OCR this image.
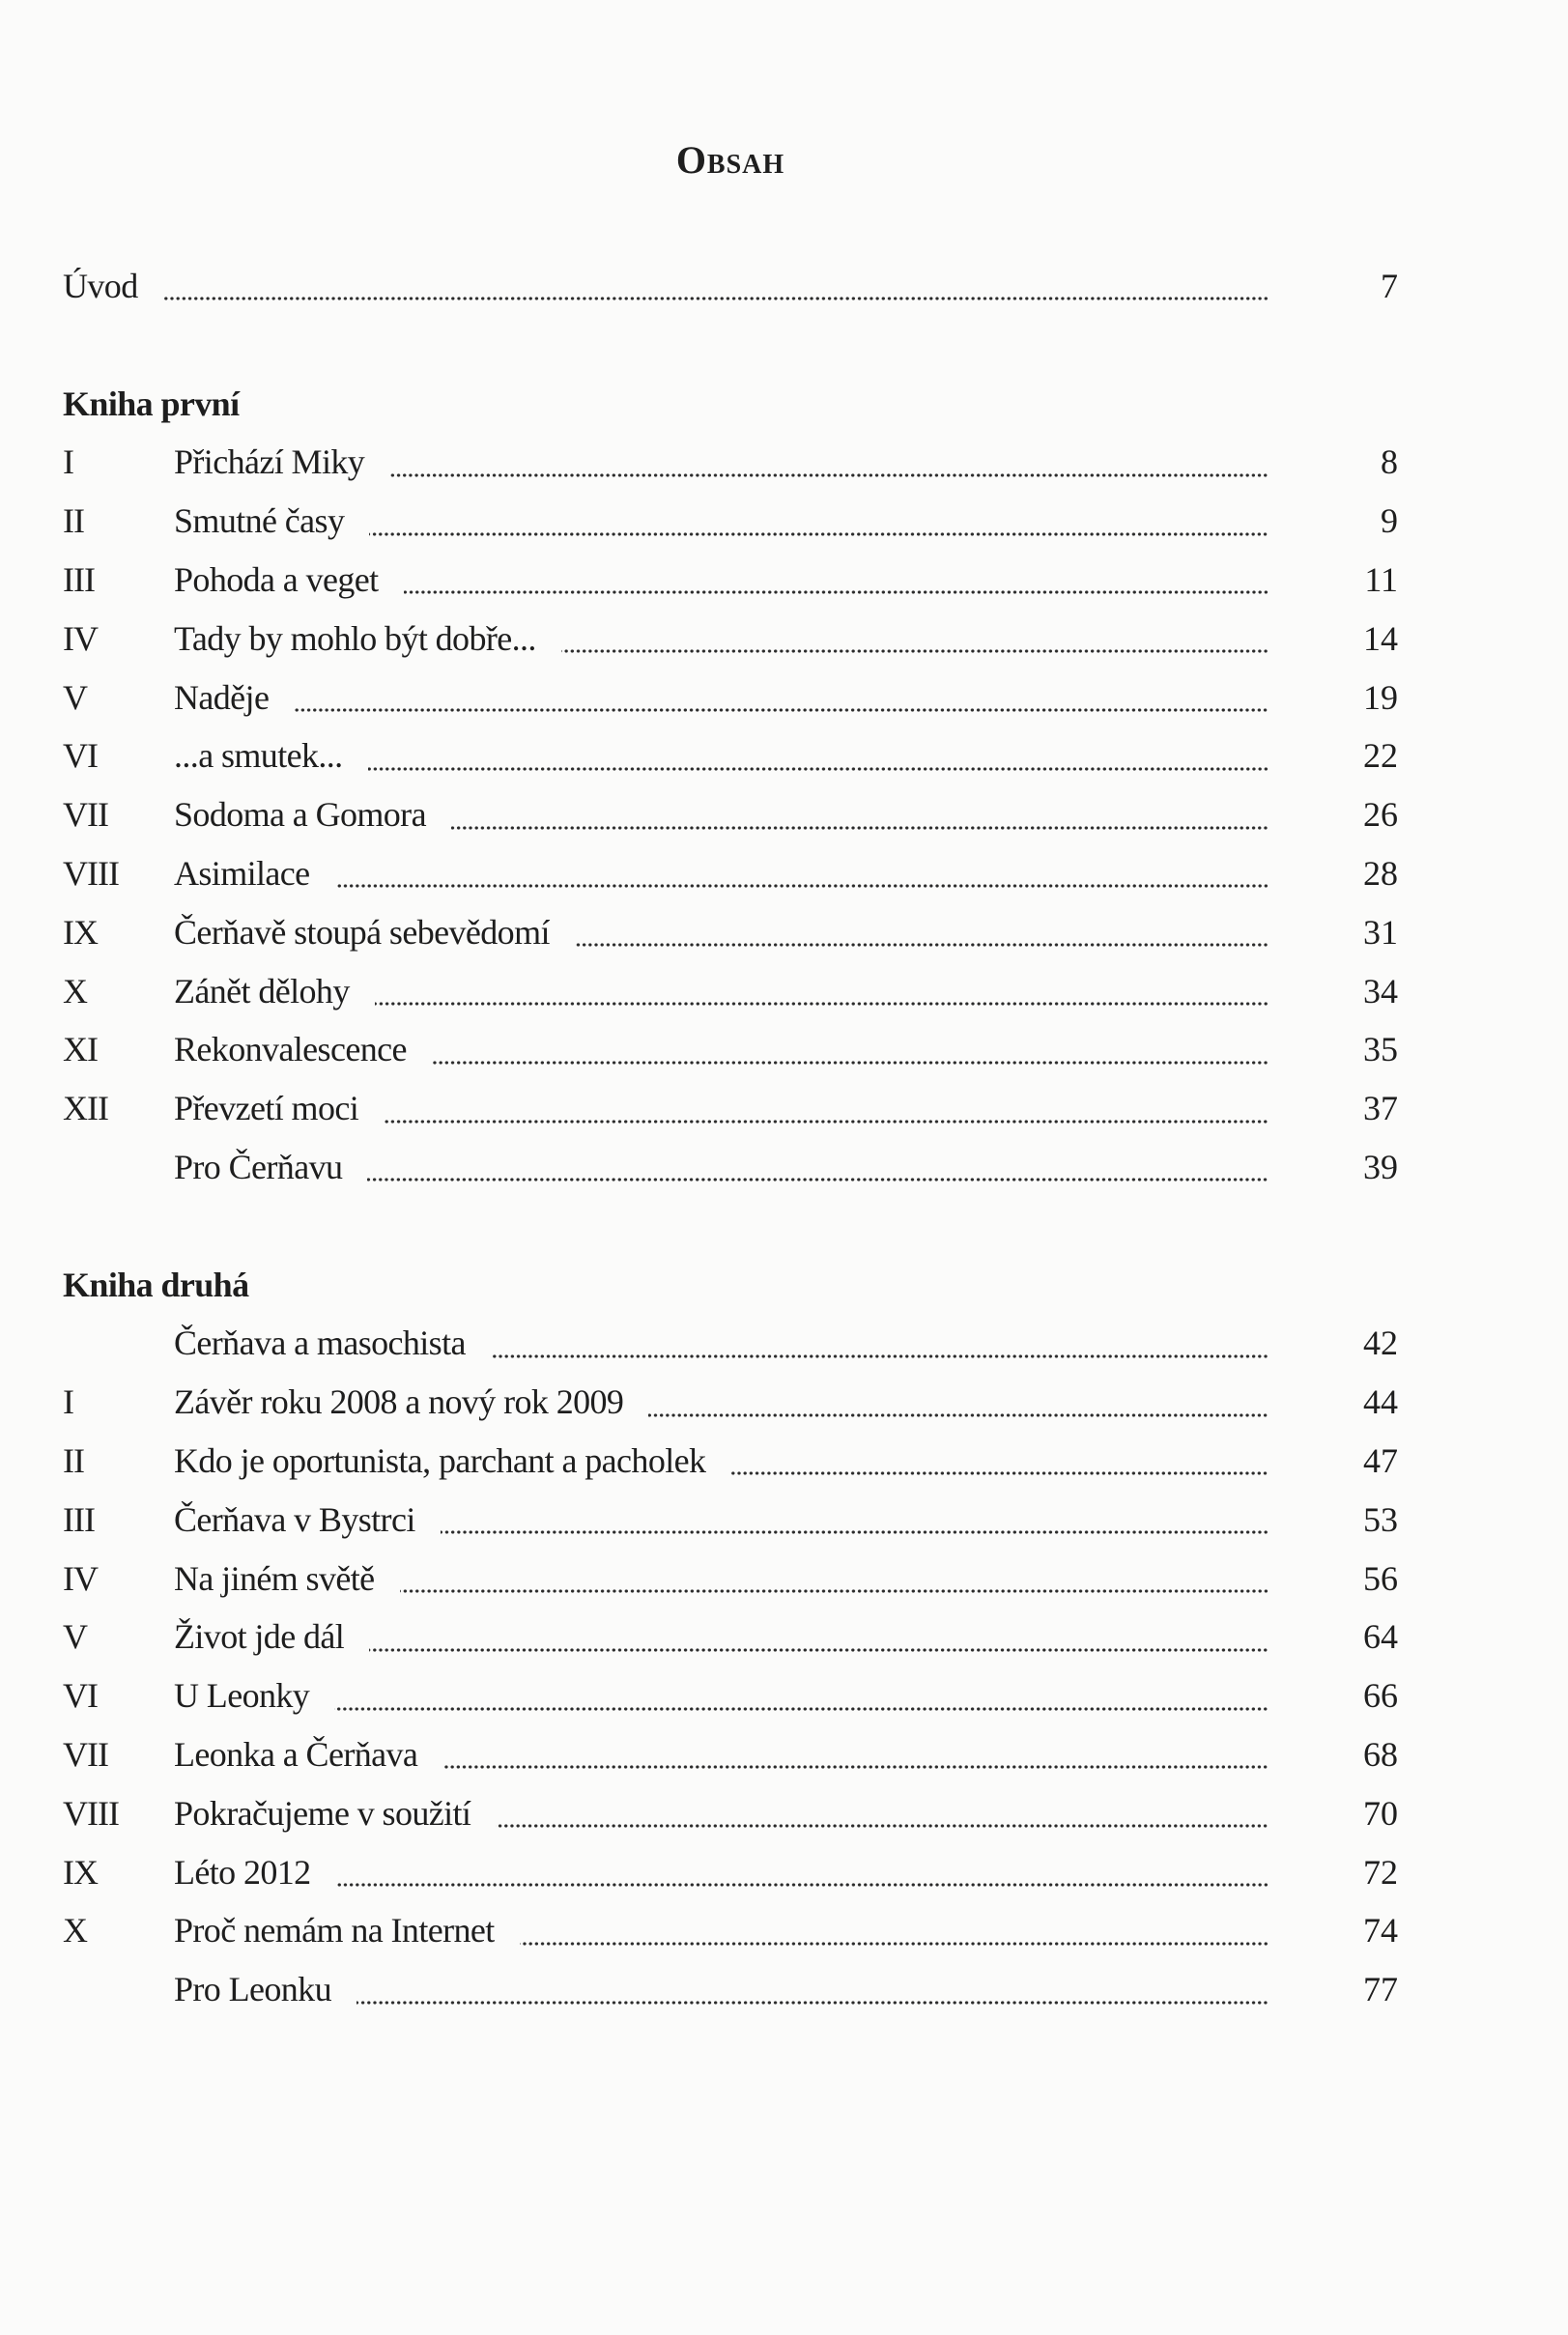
Obsah
Úvod	7
Kniha první
I	Přichází Miky	8
II	Smutné časy	9
III	Pohoda a veget	11
IV	Tady by mohlo být dobře...	14
V	Naděje	19
VI	...a smutek...	22
VII	Sodoma a Gomora	26
VIII	Asimilace	28
IX	Čerňavě stoupá sebevědomí	31
X	Zánět dělohy	34
XI	Rekonvalescence	35
XII	Převzetí moci	37
Pro Čerňavu	39
Kniha druhá
Čerňava a masochista	42
I	Závěr roku 2008 a nový rok 2009	44
II	Kdo je oportunista, parchant a pacholek	47
III	Čerňava v Bystrci	53
IV	Na jiném světě	56
V	Život jde dál	64
VI	U Leonky	66
VII	Leonka a Čerňava	68
VIII	Pokračujeme v soužití	70
IX	Léto 2012	72
X	Proč nemám na Internet	74
Pro Leonku	77
